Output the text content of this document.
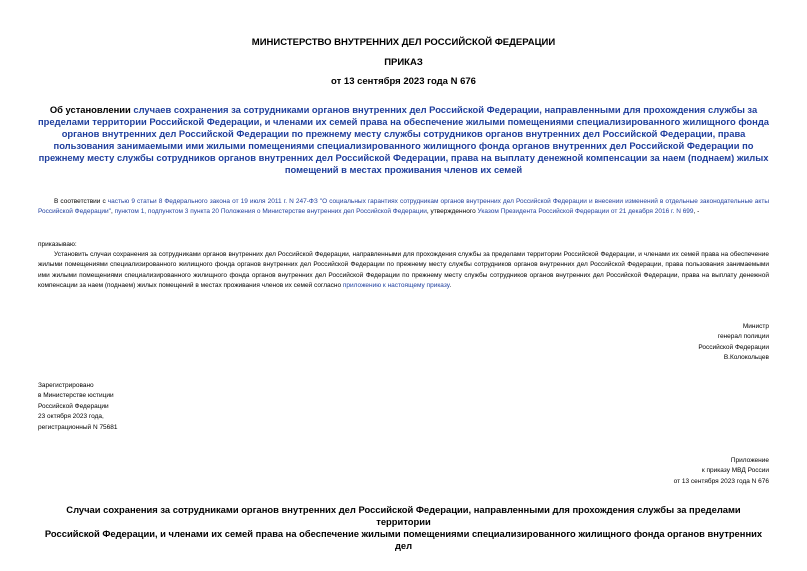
МИНИСТЕРСТВО ВНУТРЕННИХ ДЕЛ РОССИЙСКОЙ ФЕДЕРАЦИИ
ПРИКАЗ
от 13 сентября 2023 года N 676
Об установлении случаев сохранения за сотрудниками органов внутренних дел Российской Федерации, направленными для прохождения службы за пределами территории Российской Федерации, и членами их семей права на обеспечение жилыми помещениями специализированного жилищного фонда органов внутренних дел Российской Федерации по прежнему месту службы сотрудников органов внутренних дел Российской Федерации, права пользования занимаемыми ими жилыми помещениями специализированного жилищного фонда органов внутренних дел Российской Федерации по прежнему месту службы сотрудников органов внутренних дел Российской Федерации, права на выплату денежной компенсации за наем (поднаем) жилых помещений в местах проживания членов их семей
В соответствии с частью 9 статьи 8 Федерального закона от 19 июля 2011 г. N 247-ФЗ "О социальных гарантиях сотрудникам органов внутренних дел Российской Федерации и внесении изменений в отдельные законодательные акты Российской Федерации", пунктом 1, подпунктом 3 пункта 20 Положения о Министерстве внутренних дел Российской Федерации, утвержденного Указом Президента Российской Федерации от 21 декабря 2016 г. N 699, -
приказываю:
Установить случаи сохранения за сотрудниками органов внутренних дел Российской Федерации, направленными для прохождения службы за пределами территории Российской Федерации, и членами их семей права на обеспечение жилыми помещениями специализированного жилищного фонда органов внутренних дел Российской Федерации по прежнему месту службы сотрудников органов внутренних дел Российской Федерации, права пользования занимаемыми ими жилыми помещениями специализированного жилищного фонда органов внутренних дел Российской Федерации по прежнему месту службы сотрудников органов внутренних дел Российской Федерации, права на выплату денежной компенсации за наем (поднаем) жилых помещений в местах проживания членов их семей согласно приложению к настоящему приказу.
Министр
генерал полиции
Российской Федерации
В.Колокольцев
Зарегистрировано
в Министерстве юстиции
Российской Федерации
23 октября 2023 года,
регистрационный N 75681
Приложение
к приказу МВД России
от 13 сентября 2023 года N 676
Случаи сохранения за сотрудниками органов внутренних дел Российской Федерации, направленными для прохождения службы за пределами территории
Российской Федерации, и членами их семей права на обеспечение жилыми помещениями специализированного жилищного фонда органов внутренних дел
